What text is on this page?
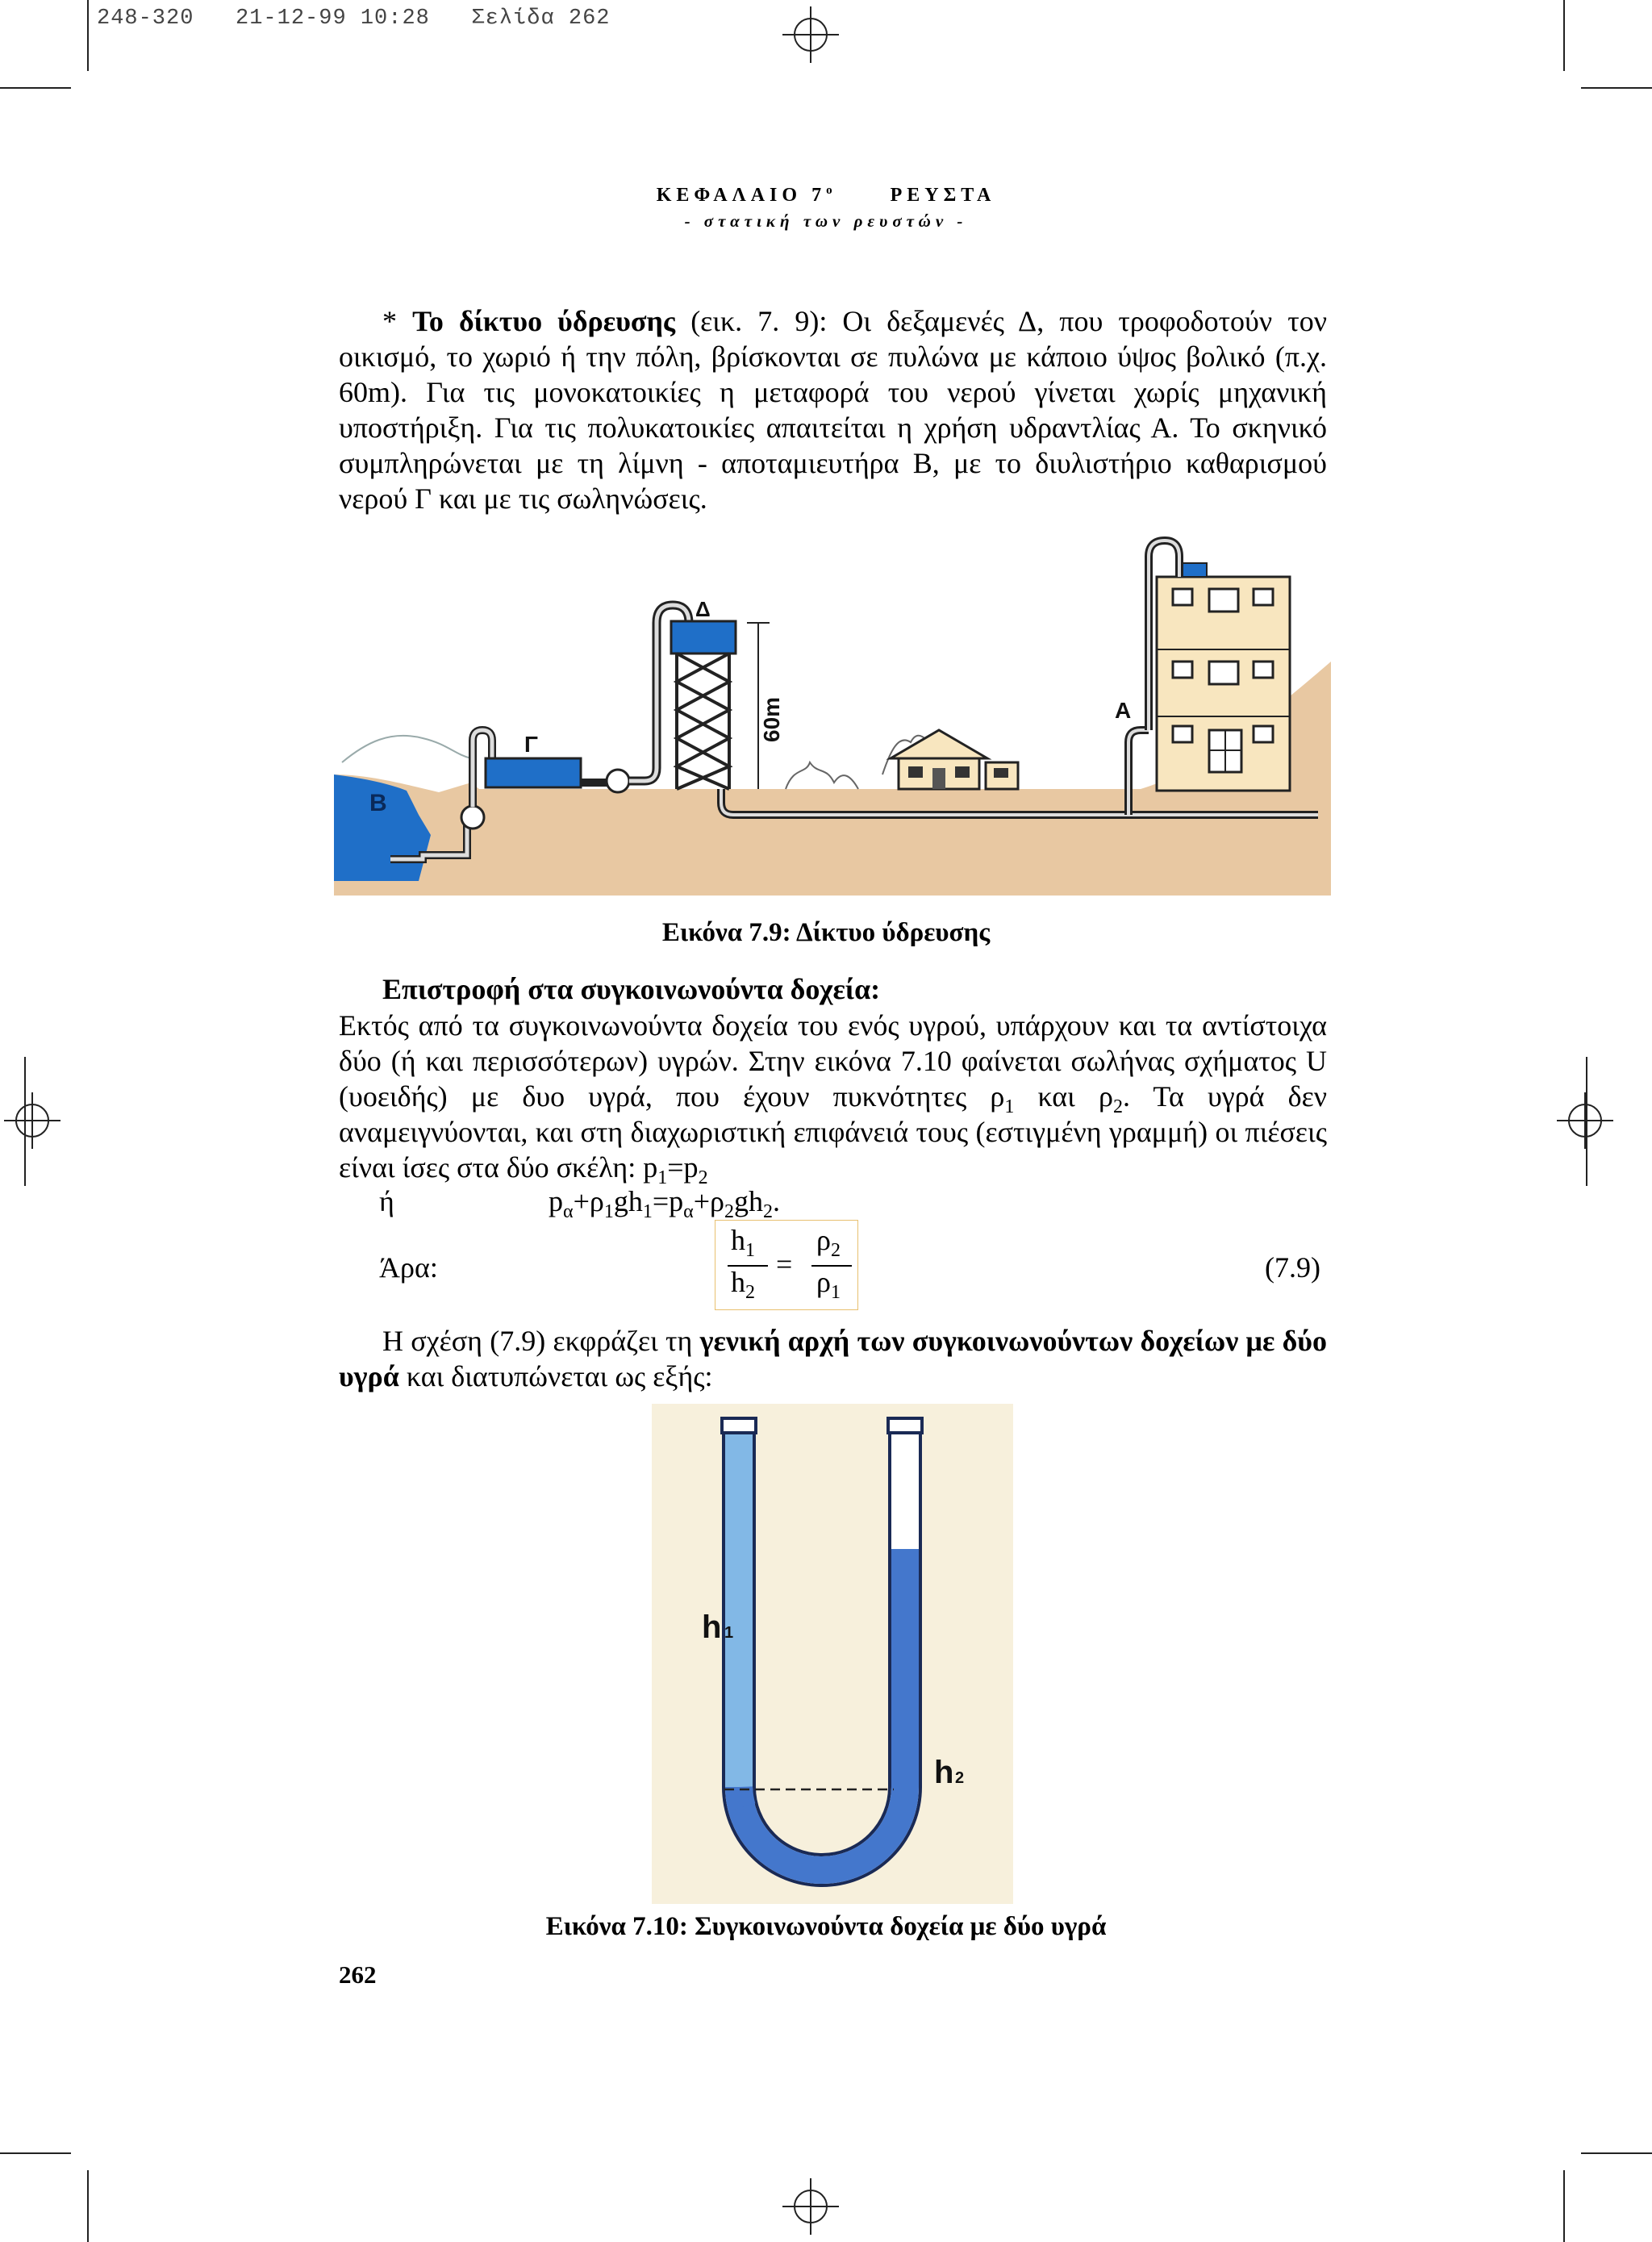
248-320   21-12-99 10:28   Σελίδα 262
ΚΕΦΑΛΑΙΟ $7^o$	ΡΕΥΣΤΑ
- στατική των ρευστών -
* Το δίκτυο ύδρευσης (εικ. 7. 9): Οι δεξαμενές Δ, που τροφοδοτούν τον οικισμό, το χωριό ή την πόλη, βρίσκονται σε πυλώνα με κάποιο ύψος βολικό (π.χ. 60m). Για τις μονοκατοικίες η μεταφορά του νερού γίνεται χωρίς μηχανική υποστήριξη. Για τις πολυκατοικίες απαιτείται η χρήση υδραντλίας Α. Το σκηνικό συμπληρώνεται με τη λίμνη - αποταμιευτήρα Β, με το διυλιστήριο καθαρισμού νερού Γ και με τις σωληνώσεις.
B
Γ
Δ
60m	A
Εικόνα 7.9: Δίκτυο ύδρευσης
Επιστροφή στα συγκοινωνούντα δοχεία:
Εκτός από τα συγκοινωνούντα δοχεία του ενός υγρού, υπάρχουν και τα αντίστοιχα δύο (ή και περισσότερων) υγρών. Στην εικόνα 7.10 φαίνεται σωλήνας σχήματος U (υοειδής) με δυο υγρά, που έχουν πυκνότητες $\rho_1$ και $\rho_2$. Τα υγρά δεν αναμειγνύονται, και στη διαχωριστική επιφάνειά τους (εστιγμένη γραμμή) οι πιέσεις είναι ίσες στα δύο σκέλη: $p_1=p_2$
ή	$p_\alpha+\rho_1gh_1=p_\alpha+\rho_2gh_2$.
Άρα:
$h_1$
$h_2$
=
$\rho_2$
$\rho_1$
(7.9)
Η σχέση (7.9) εκφράζει τη γενική αρχή των συγκοινωνούντων δοχείων με δύο υγρά και διατυπώνεται ως εξής:
h 1
h 2
Εικόνα 7.10: Συγκοινωνούντα δοχεία με δύο υγρά
262
